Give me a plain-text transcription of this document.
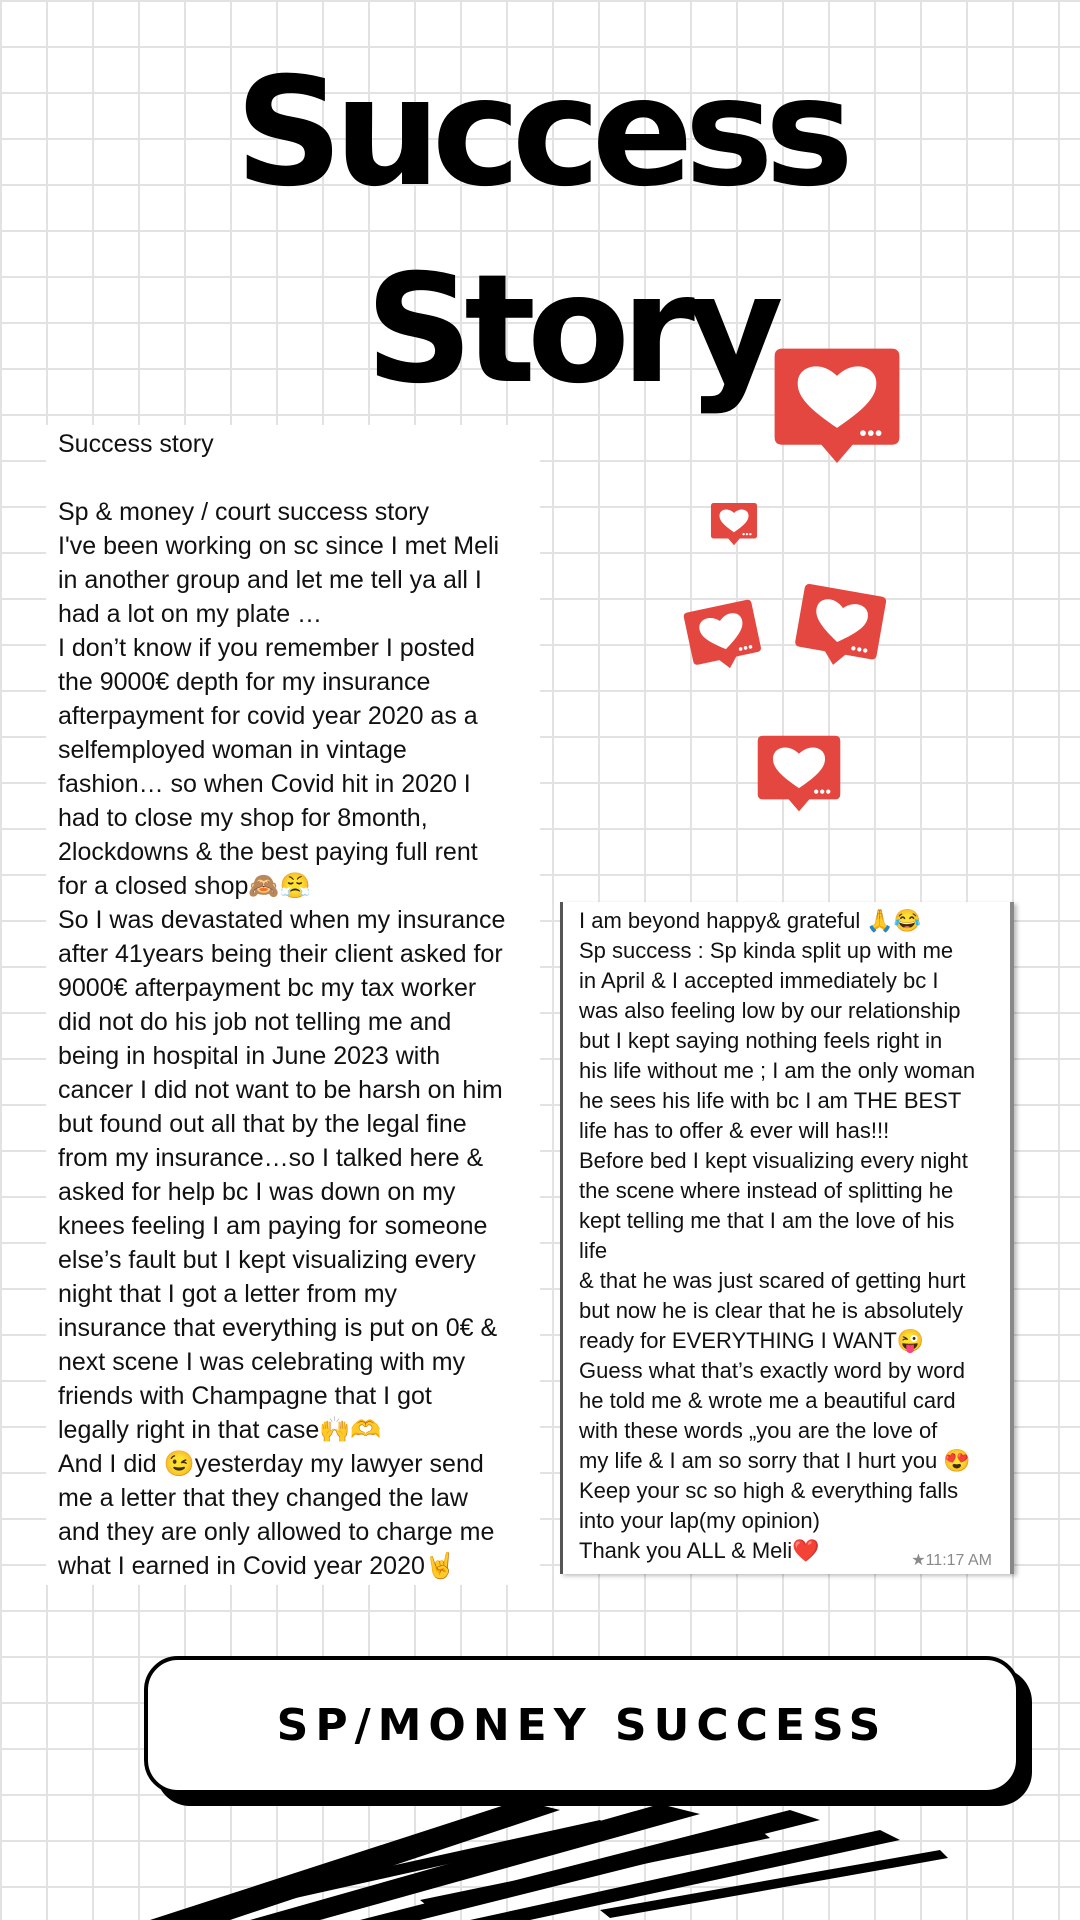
Success
Story
Success story
Sp & money / court success story
I've been working on sc since I met Meli
in another group and let me tell ya all I
had a lot on my plate …
I don’t know if you remember I posted
the 9000€ depth for my insurance
afterpayment for covid year 2020 as a
selfemployed woman in vintage
fashion… so when Covid hit in 2020 I
had to close my shop for 8month,
2lockdowns & the best paying full rent
for a closed shop🙈😤
So I was devastated when my insurance
after 41years being their client asked for
9000€ afterpayment bc my tax worker
did not do his job not telling me and
being in hospital in June 2023 with
cancer I did not want to be harsh on him
but found out all that by the legal fine
from my insurance…so I talked here &
asked for help bc I was down on my
knees feeling I am paying for someone
else’s fault but I kept visualizing every
night that I got a letter from my
insurance that everything is put on 0€ &
next scene I was celebrating with my
friends with Champagne that I got
legally right in that case🙌🫶
And I did 😉yesterday my lawyer send
me a letter that they changed the law
and they are only allowed to charge me
what I earned in Covid year 2020🤘
I am beyond happy& grateful 🙏😂
Sp success : Sp kinda split up with me
in April & I accepted immediately bc I
was also feeling low by our relationship
but I kept saying nothing feels right in
his life without me ; I am the only woman
he sees his life with bc I am THE BEST
life has to offer & ever will has!!!
Before bed I kept visualizing every night
the scene where instead of splitting he
kept telling me that I am the love of his
life
& that he was just scared of getting hurt
but now he is clear that he is absolutely
ready for EVERYTHING I WANT😜
Guess what that’s exactly word by word
he told me & wrote me a beautiful card
with these words „you are the love of
my life & I am so sorry that I hurt you 😍
Keep your sc so high & everything falls
into your lap(my opinion)
Thank you ALL & Meli❤️	★11:17 AM
SP/MONEY SUCCESS
